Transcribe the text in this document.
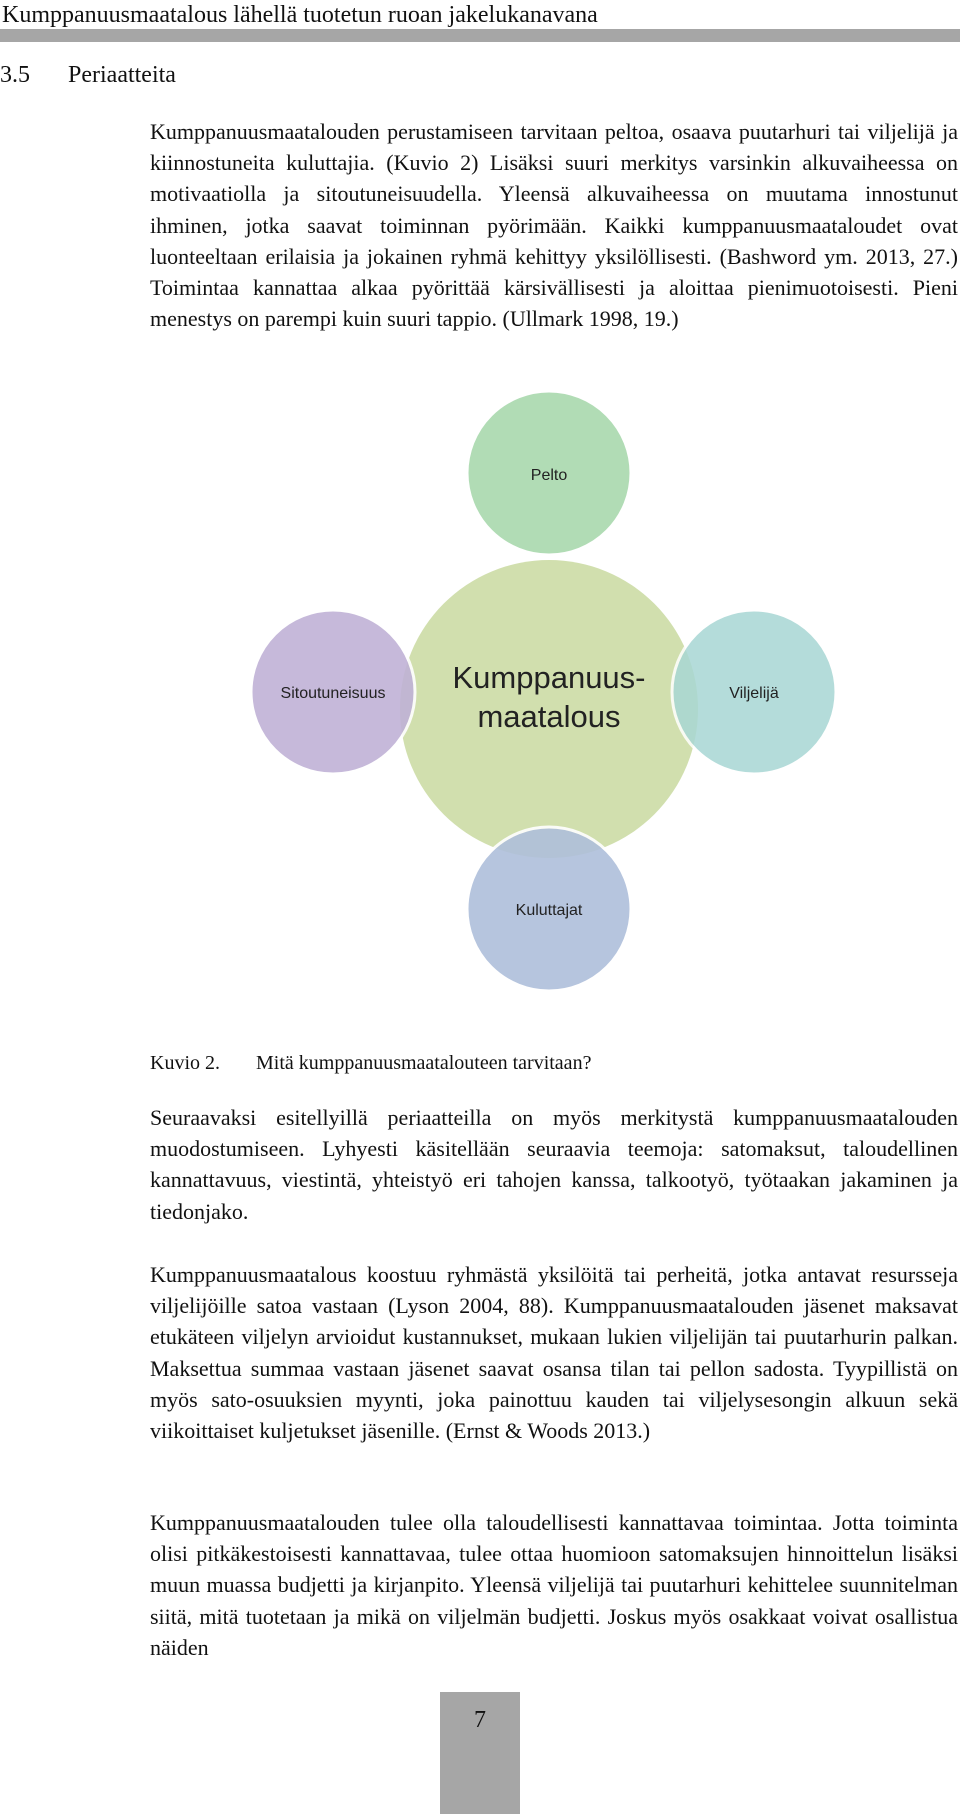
Kumppanuusmaatalous lähellä tuotetun ruoan jakelukanavana
3.5 Periaatteita

Kumppanuusmaatalouden perustamiseen tarvitaan peltoa, osaava puutarhuri tai viljelijä ja kiinnostuneita kuluttajia. (Kuvio 2) Lisäksi suuri merkitys varsinkin alkuvaiheessa on motivaatiolla ja sitoutuneisuudella. Yleensä alkuvaiheessa on muutama innostunut ihminen, jotka saavat toiminnan pyörimään. Kaikki kumppanuusmaataloudet ovat luonteeltaan erilaisia ja jokainen ryhmä kehittyy yksilöllisesti. (Bashword ym. 2013, 27.) Toimintaa kannattaa alkaa pyörittää kärsivällisesti ja aloittaa pienimuotoisesti. Pieni menestys on parempi kuin suuri tappio. (Ullmark 1998, 19.)

Kumppanuus-
maatalous
Pelto
Viljelijä
Kuluttajat
Sitoutuneisuus
Kuvio 2. Mitä kumppanuusmaatalouteen tarvitaan?

Seuraavaksi esitellyillä periaatteilla on myös merkitystä kumppanuusmaatalouden muodostumiseen. Lyhyesti käsitellään seuraavia teemoja: satomaksut, taloudellinen kannattavuus, viestintä, yhteistyö eri tahojen kanssa, talkootyö, työtaakan jakaminen ja tiedonjako.

Kumppanuusmaatalous koostuu ryhmästä yksilöitä tai perheitä, jotka antavat resursseja viljelijöille satoa vastaan (Lyson 2004, 88). Kumppanuusmaatalouden jäsenet maksavat etukäteen viljelyn arvioidut kustannukset, mukaan lukien viljelijän tai puutarhurin palkan. Maksettua summaa vastaan jäsenet saavat osansa tilan tai pellon sadosta. Tyypillistä on myös sato-osuuksien myynti, joka painottuu kauden tai viljelysesongin alkuun sekä viikoittaiset kuljetukset jäsenille. (Ernst & Woods 2013.)

Kumppanuusmaatalouden tulee olla taloudellisesti kannattavaa toimintaa. Jotta toiminta olisi pitkäkestoisesti kannattavaa, tulee ottaa huomioon satomaksujen hinnoittelun lisäksi muun muassa budjetti ja kirjanpito. Yleensä viljelijä tai puutarhuri kehittelee suunnitelman siitä, mitä tuotetaan ja mikä on viljelmän budjetti. Joskus myös osakkaat voivat osallistua näiden

7
